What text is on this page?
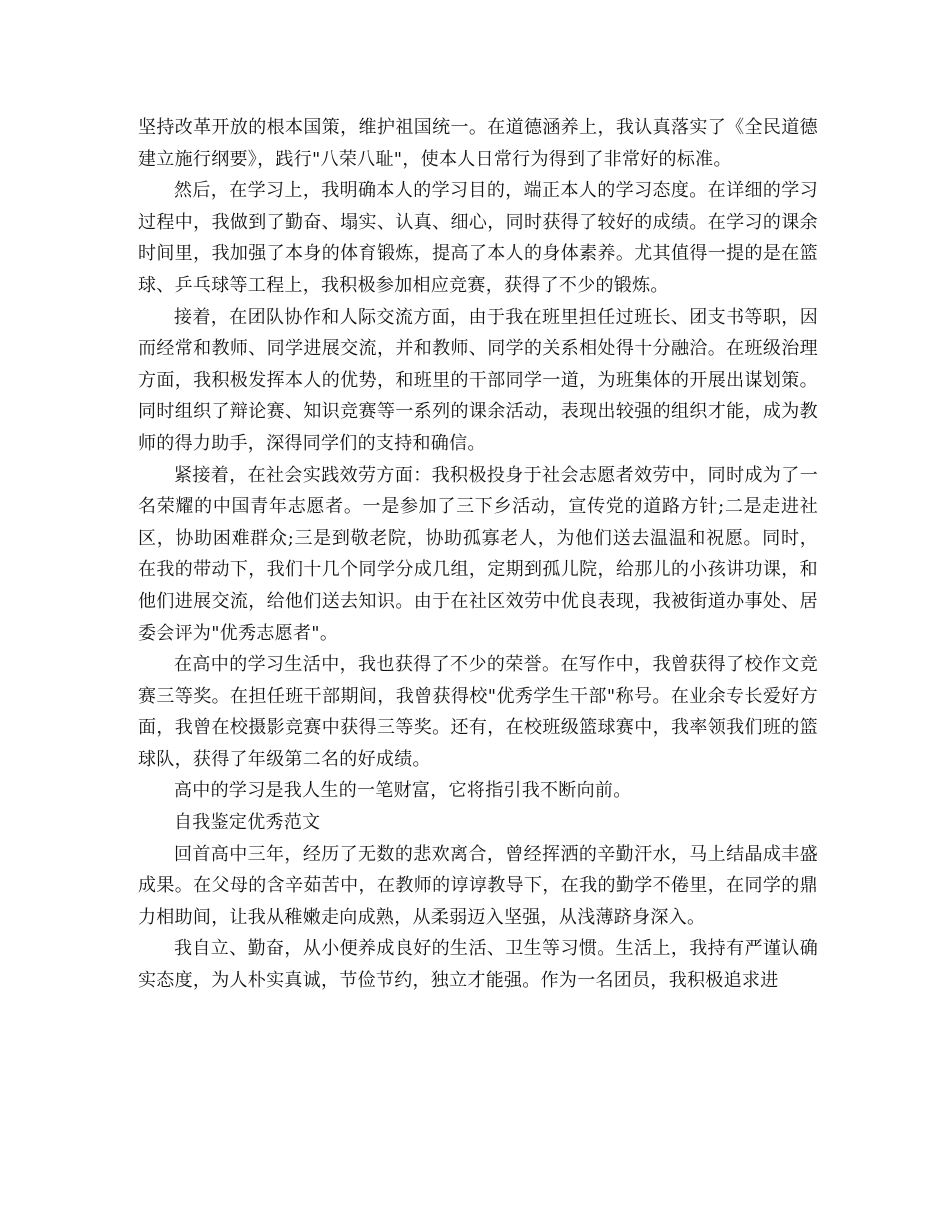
坚持改革开放的根本国策，维护祖国统一。在道德涵养上，我认真落实了《全民道德建立施行纲要》，践行"八荣八耻"，使本人日常行为得到了非常好的标准。

然后，在学习上，我明确本人的学习目的，端正本人的学习态度。在详细的学习过程中，我做到了勤奋、塌实、认真、细心，同时获得了较好的成绩。在学习的课余时间里，我加强了本身的体育锻炼，提高了本人的身体素养。尤其值得一提的是在篮球、乒乓球等工程上，我积极参加相应竞赛，获得了不少的锻炼。

接着，在团队协作和人际交流方面，由于我在班里担任过班长、团支书等职，因而经常和教师、同学进展交流，并和教师、同学的关系相处得十分融洽。在班级治理方面，我积极发挥本人的优势，和班里的干部同学一道，为班集体的开展出谋划策。同时组织了辩论赛、知识竞赛等一系列的课余活动，表现出较强的组织才能，成为教师的得力助手，深得同学们的支持和确信。

紧接着，在社会实践效劳方面：我积极投身于社会志愿者效劳中，同时成为了一名荣耀的中国青年志愿者。一是参加了三下乡活动，宣传党的道路方针;二是走进社区，协助困难群众;三是到敬老院，协助孤寡老人，为他们送去温温和祝愿。同时，在我的带动下，我们十几个同学分成几组，定期到孤儿院，给那儿的小孩讲功课，和他们进展交流，给他们送去知识。由于在社区效劳中优良表现，我被街道办事处、居委会评为"优秀志愿者"。

在高中的学习生活中，我也获得了不少的荣誉。在写作中，我曾获得了校作文竞赛三等奖。在担任班干部期间，我曾获得校"优秀学生干部"称号。在业余专长爱好方面，我曾在校摄影竞赛中获得三等奖。还有，在校班级篮球赛中，我率领我们班的篮球队，获得了年级第二名的好成绩。

高中的学习是我人生的一笔财富，它将指引我不断向前。

自我鉴定优秀范文

回首高中三年，经历了无数的悲欢离合，曾经挥洒的辛勤汗水，马上结晶成丰盛成果。在父母的含辛茹苦中，在教师的谆谆教导下，在我的勤学不倦里，在同学的鼎力相助间，让我从稚嫩走向成熟，从柔弱迈入坚强，从浅薄跻身深入。

我自立、勤奋，从小便养成良好的生活、卫生等习惯。生活上，我持有严谨认确实态度，为人朴实真诚，节俭节约，独立才能强。作为一名团员，我积极追求进
